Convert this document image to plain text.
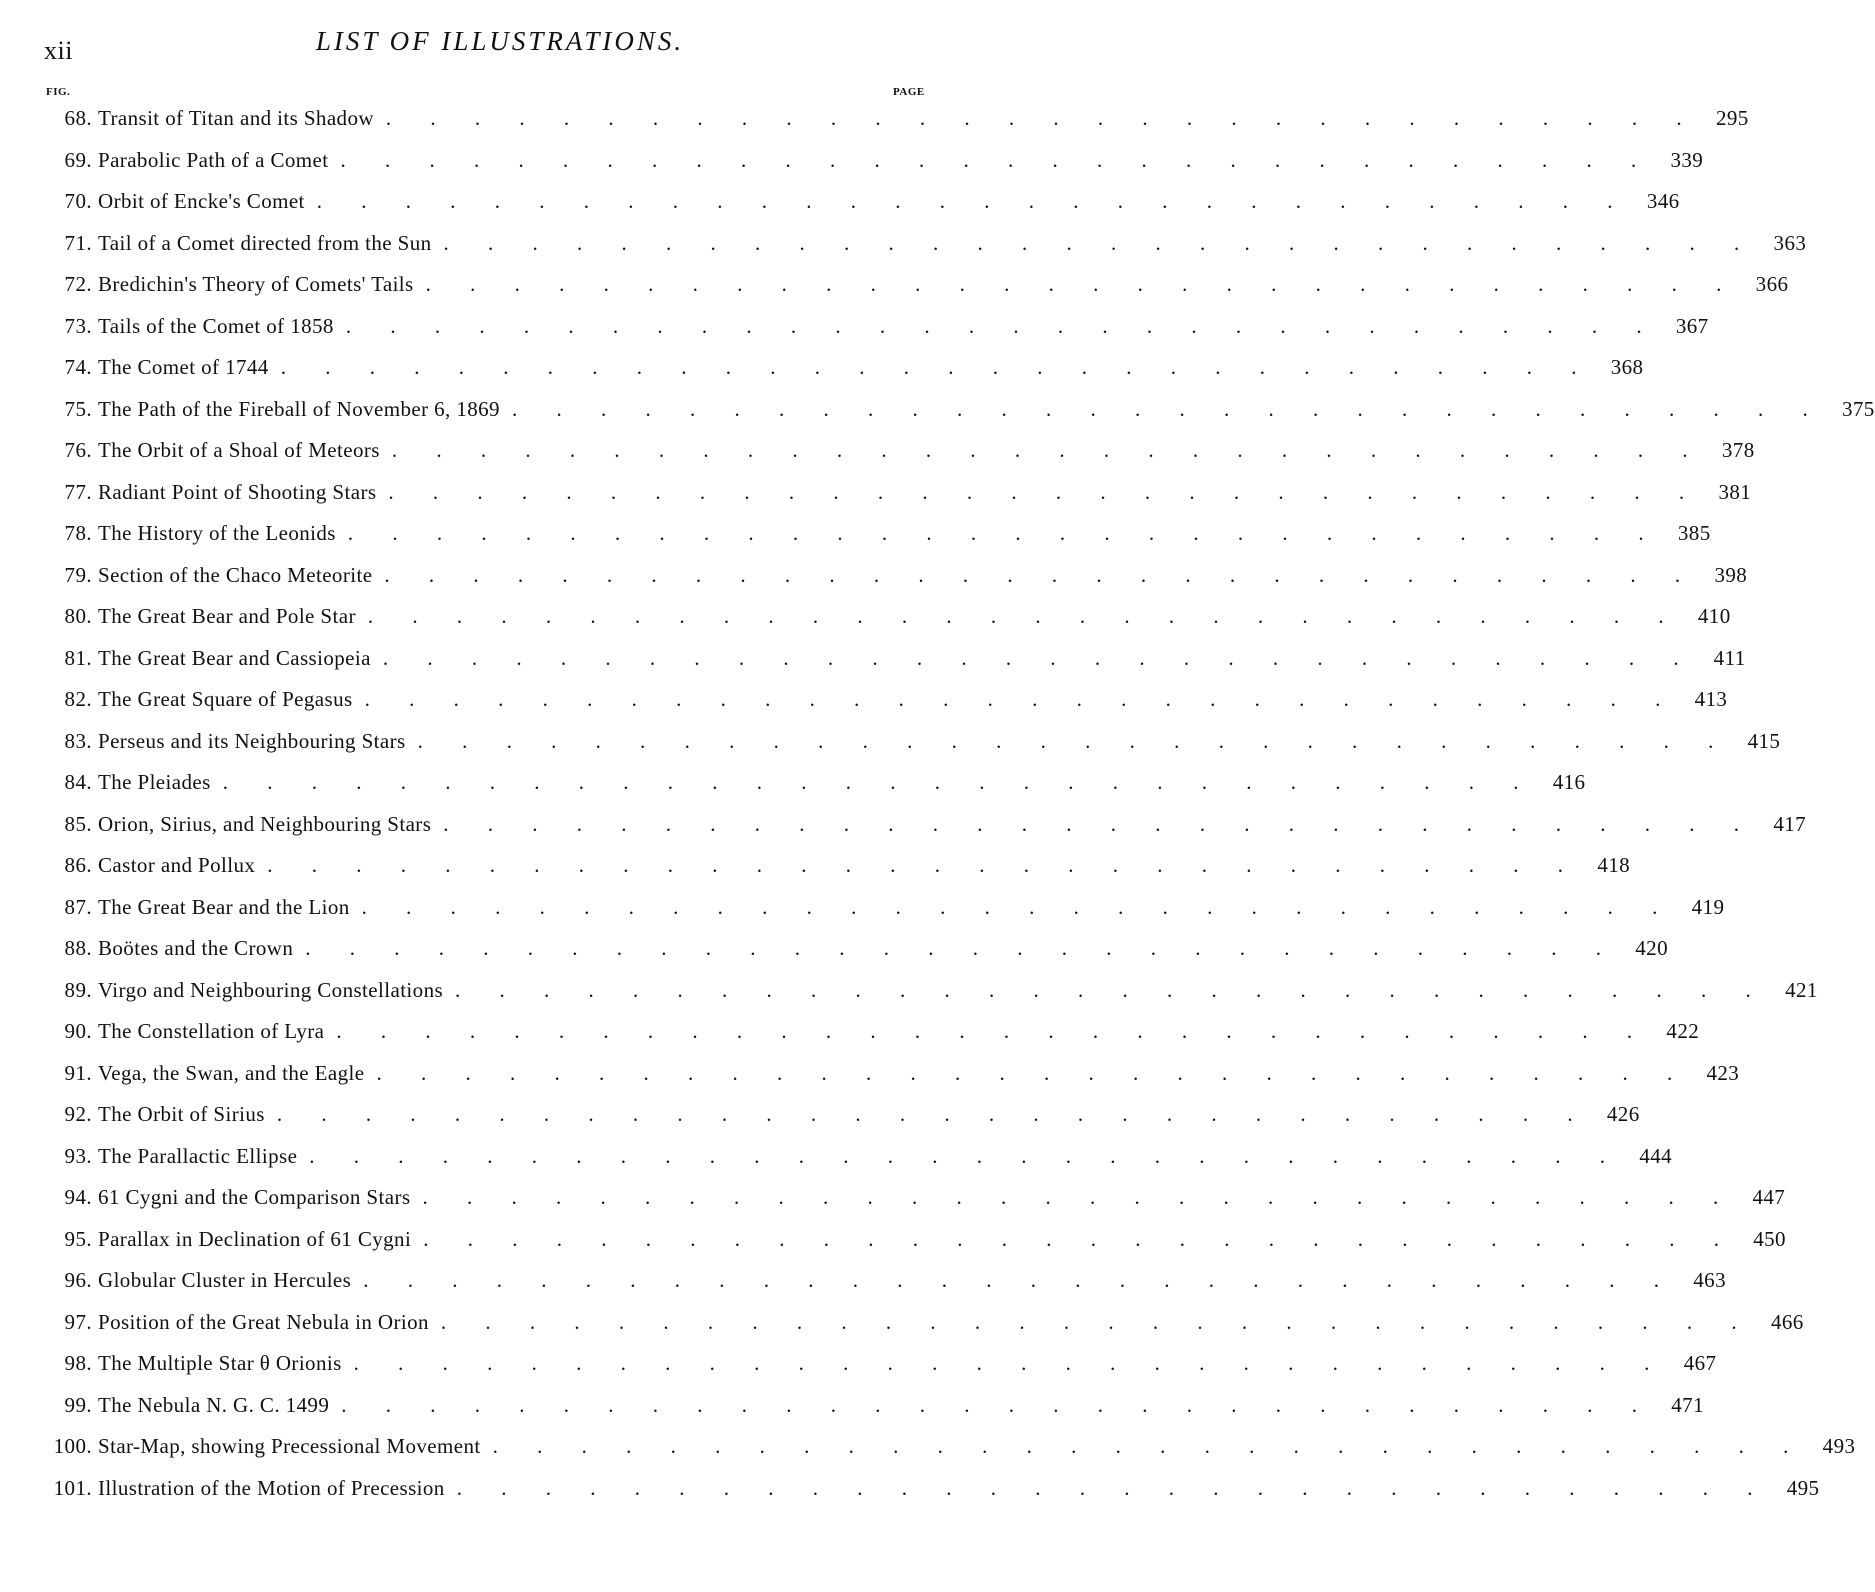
xii	LIST OF ILLUSTRATIONS.
FIG.	PAGE
68. Transit of Titan and its Shadow . . . . . . . . . . . . . . . . . . . . . . . . . . . . . . 295
69. Parabolic Path of a Comet . . . . . . . . . . . . . . . . . . . . . . . . . . . . . . 339
70. Orbit of Encke's Comet . . . . . . . . . . . . . . . . . . . . . . . . . . . . . . 346
71. Tail of a Comet directed from the Sun . . . . . . . . . . . . . . . . . . . . . . . . . . . . . . 363
72. Bredichin's Theory of Comets' Tails . . . . . . . . . . . . . . . . . . . . . . . . . . . . . . 366
73. Tails of the Comet of 1858 . . . . . . . . . . . . . . . . . . . . . . . . . . . . . . 367
74. The Comet of 1744 . . . . . . . . . . . . . . . . . . . . . . . . . . . . . . 368
75. The Path of the Fireball of November 6, 1869 . . . . . . . . . . . . . . . . . . . . . . . . . . . . . . 375
76. The Orbit of a Shoal of Meteors . . . . . . . . . . . . . . . . . . . . . . . . . . . . . . 378
77. Radiant Point of Shooting Stars . . . . . . . . . . . . . . . . . . . . . . . . . . . . . . 381
78. The History of the Leonids . . . . . . . . . . . . . . . . . . . . . . . . . . . . . . 385
79. Section of the Chaco Meteorite . . . . . . . . . . . . . . . . . . . . . . . . . . . . . . 398
80. The Great Bear and Pole Star . . . . . . . . . . . . . . . . . . . . . . . . . . . . . . 410
81. The Great Bear and Cassiopeia . . . . . . . . . . . . . . . . . . . . . . . . . . . . . . 411
82. The Great Square of Pegasus . . . . . . . . . . . . . . . . . . . . . . . . . . . . . . 413
83. Perseus and its Neighbouring Stars . . . . . . . . . . . . . . . . . . . . . . . . . . . . . . 415
84. The Pleiades . . . . . . . . . . . . . . . . . . . . . . . . . . . . . . 416
85. Orion, Sirius, and Neighbouring Stars . . . . . . . . . . . . . . . . . . . . . . . . . . . . . . 417
86. Castor and Pollux . . . . . . . . . . . . . . . . . . . . . . . . . . . . . . 418
87. The Great Bear and the Lion . . . . . . . . . . . . . . . . . . . . . . . . . . . . . . 419
88. Boötes and the Crown . . . . . . . . . . . . . . . . . . . . . . . . . . . . . . 420
89. Virgo and Neighbouring Constellations . . . . . . . . . . . . . . . . . . . . . . . . . . . . . . 421
90. The Constellation of Lyra . . . . . . . . . . . . . . . . . . . . . . . . . . . . . . 422
91. Vega, the Swan, and the Eagle . . . . . . . . . . . . . . . . . . . . . . . . . . . . . . 423
92. The Orbit of Sirius . . . . . . . . . . . . . . . . . . . . . . . . . . . . . . 426
93. The Parallactic Ellipse . . . . . . . . . . . . . . . . . . . . . . . . . . . . . . 444
94. 61 Cygni and the Comparison Stars . . . . . . . . . . . . . . . . . . . . . . . . . . . . . . 447
95. Parallax in Declination of 61 Cygni . . . . . . . . . . . . . . . . . . . . . . . . . . . . . . 450
96. Globular Cluster in Hercules . . . . . . . . . . . . . . . . . . . . . . . . . . . . . . 463
97. Position of the Great Nebula in Orion . . . . . . . . . . . . . . . . . . . . . . . . . . . . . . 466
98. The Multiple Star θ Orionis . . . . . . . . . . . . . . . . . . . . . . . . . . . . . . 467
99. The Nebula N. G. C. 1499 . . . . . . . . . . . . . . . . . . . . . . . . . . . . . . 471
100. Star-Map, showing Precessional Movement . . . . . . . . . . . . . . . . . . . . . . . . . . . . . . 493
101. Illustration of the Motion of Precession . . . . . . . . . . . . . . . . . . . . . . . . . . . . . . 495
